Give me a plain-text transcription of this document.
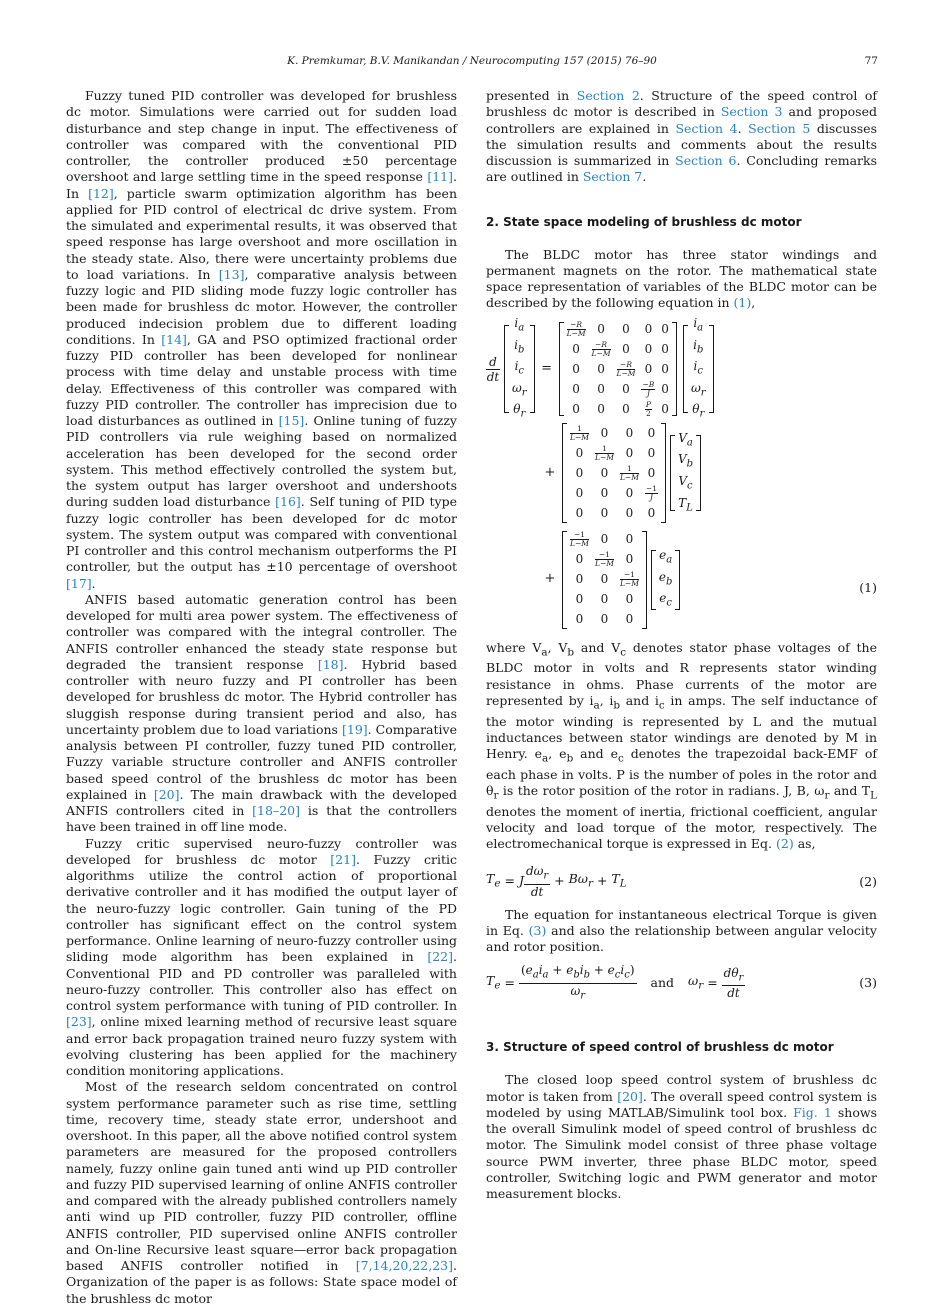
K. Premkumar, B.V. Manikandan / Neurocomputing 157 (2015) 76–90	77

Fuzzy tuned PID controller was developed for brushless dc motor. Simulations were carried out for sudden load disturbance and step change in input. The effectiveness of controller was compared with the conventional PID controller, the controller produced ±50 percentage overshoot and large settling time in the speed response [11]. In [12], particle swarm optimization algorithm has been applied for PID control of electrical dc drive system. From the simulated and experimental results, it was observed that speed response has large overshoot and more oscillation in the steady state. Also, there were uncertainty problems due to load variations. In [13], comparative analysis between fuzzy logic and PID sliding mode fuzzy logic controller has been made for brushless dc motor. However, the controller produced indecision problem due to different loading conditions. In [14], GA and PSO optimized fractional order fuzzy PID controller has been developed for nonlinear process with time delay and unstable process with time delay. Effectiveness of this controller was compared with fuzzy PID controller. The controller has imprecision due to load disturbances as outlined in [15]. Online tuning of fuzzy PID controllers via rule weighing based on normalized acceleration has been developed for the second order system. This method effectively controlled the system but, the system output has larger overshoot and undershoots during sudden load disturbance [16]. Self tuning of PID type fuzzy logic controller has been developed for dc motor system. The system output was compared with conventional PI controller and this control mechanism outperforms the PI controller, but the output has ±10 percentage of overshoot [17].

ANFIS based automatic generation control has been developed for multi area power system. The effectiveness of controller was compared with the integral controller. The ANFIS controller enhanced the steady state response but degraded the transient response [18]. Hybrid based controller with neuro fuzzy and PI controller has been developed for brushless dc motor. The Hybrid controller has sluggish response during transient period and also, has uncertainty problem due to load variations [19]. Comparative analysis between PI controller, fuzzy tuned PID controller, Fuzzy variable structure controller and ANFIS controller based speed control of the brushless dc motor has been explained in [20]. The main drawback with the developed ANFIS controllers cited in [18–20] is that the controllers have been trained in off line mode.

Fuzzy critic supervised neuro-fuzzy controller was developed for brushless dc motor [21]. Fuzzy critic algorithms utilize the control action of proportional derivative controller and it has modified the output layer of the neuro-fuzzy logic controller. Gain tuning of the PD controller has significant effect on the control system performance. Online learning of neuro-fuzzy controller using sliding mode algorithm has been explained in [22]. Conventional PID and PD controller was paralleled with neuro-fuzzy controller. This controller also has effect on control system performance with tuning of PID controller. In [23], online mixed learning method of recursive least square and error back propagation trained neuro fuzzy system with evolving clustering has been applied for the machinery condition monitoring applications.

Most of the research seldom concentrated on control system performance parameter such as rise time, settling time, recovery time, steady state error, undershoot and overshoot. In this paper, all the above notified control system parameters are measured for the proposed controllers namely, fuzzy online gain tuned anti wind up PID controller and fuzzy PID supervised learning of online ANFIS controller and compared with the already published controllers namely anti wind up PID controller, fuzzy PID controller, offline ANFIS controller, PID supervised online ANFIS controller and On-line Recursive least square—error back propagation based ANFIS controller notified in [7,14,20,22,23]. Organization of the paper is as follows: State space model of the brushless dc motor

presented in Section 2. Structure of the speed control of brushless dc motor is described in Section 3 and proposed controllers are explained in Section 4. Section 5 discusses the simulation results and comments about the results discussion is summarized in Section 6. Concluding remarks are outlined in Section 7.

2. State space modeling of brushless dc motor

The BLDC motor has three stator windings and permanent magnets on the rotor. The mathematical state space representation of variables of the BLDC motor can be described by the following equation in (1),

d
dt
$i_a$
$i_b$
$i_c$
$\omega_r$
$\theta_r$
=
$\frac{-R}{L-M}$	0	0	0	0
0	$\frac{-R}{L-M}$	0	0	0
0	0	$\frac{-R}{L-M}$	0	0
0	0	0	$\frac{-B}{J}$	0
0	0	0	$\frac{P}{2}$	0
$i_a$
$i_b$
$i_c$
$\omega_r$
$\theta_r$
+
$\frac{1}{L-M}$	0	0	0
0	$\frac{1}{L-M}$	0	0
0	0	$\frac{1}{L-M}$	0
0	0	0	$\frac{-1}{J}$

0	0	0	0
$V_a$
$V_b$
$V_c$
$T_L$
+
$\frac{-1}{L-M}$	0	0
0	$\frac{-1}{L-M}$	0
0	0	$\frac{-1}{L-M}$

0	0	0
0	0	0
$e_a$
$e_b$
$e_c$
(1)

where $V_a$, $V_b$ and $V_c$ denotes stator phase voltages of the BLDC motor in volts and R represents stator winding resistance in ohms. Phase currents of the motor are represented by $i_a$, $i_b$ and $i_c$ in amps. The self inductance of the motor winding is represented by L and the mutual inductances between stator windings are denoted by M in Henry. $e_a$, $e_b$ and $e_c$ denotes the trapezoidal back-EMF of each phase in volts. P is the number of poles in the rotor and $\theta_r$ is the rotor position of the rotor in radians. J, B, $\omega_r$ and $T_L$ denotes the moment of inertia, frictional coefficient, angular velocity and load torque of the motor, respectively. The electromechanical torque is expressed in Eq. (2) as,

$T_e = J$
$d\omega_r$
dt
+ $B\omega_r + T_L$	(2)

The equation for instantaneous electrical Torque is given in Eq. (3) and also the relationship between angular velocity and rotor position.

$T_e$ =
$(e_ai_a + e_bi_b + e_ci_c)$
$\omega_r$
and $\omega_r$ =
$d\theta_r$
dt
(3)
3. Structure of speed control of brushless dc motor

The closed loop speed control system of brushless dc motor is taken from [20]. The overall speed control system is modeled by using MATLAB/Simulink tool box. Fig. 1 shows the overall Simulink model of speed control of brushless dc motor. The Simulink model consist of three phase voltage source PWM inverter, three phase BLDC motor, speed controller, Switching logic and PWM generator and motor measurement blocks.
